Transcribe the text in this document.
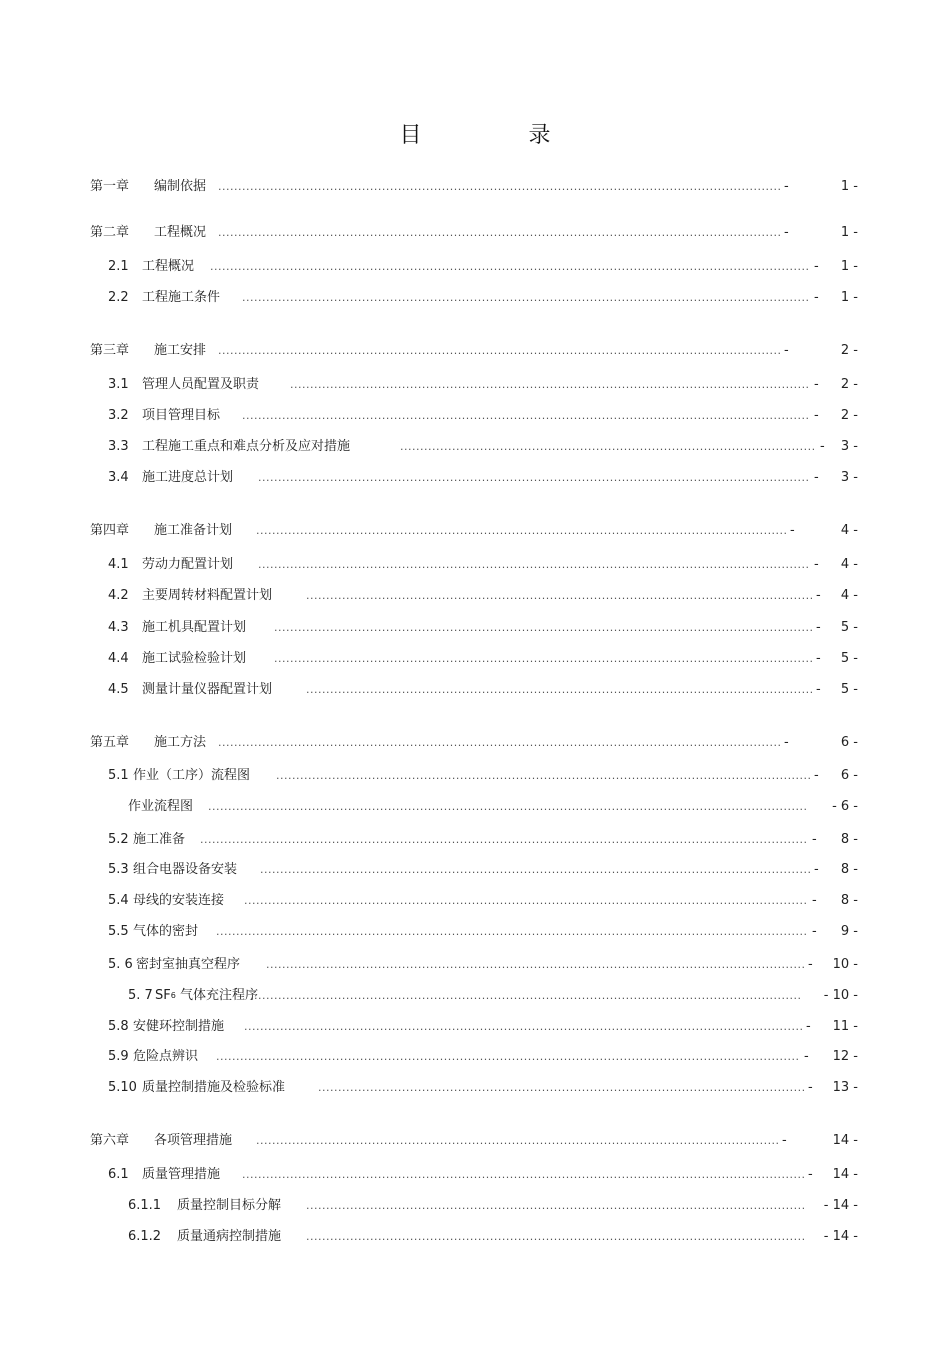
目 录
第一章 编制依据 .....	-	1 -
第二章 工程概况 .....	-	1 -
2.1 工程概况 .....	- 1 -
2.2 工程施工条件 .....	- 1 -
第三章 施工安排 .....	-	2 -
3.1 管理人员配置及职责 .....	- 2 -
3.2 项目管理目标 .....	- 2 -
3.3 工程施工重点和难点分析及应对措施 .....	- 3 -
3.4 施工进度总计划 .....	- 3 -
第四章 施工准备计划 .....	-	4 -
4.1 劳动力配置计划 .....	- 4 -
4.2 主要周转材料配置计划 .....	- 4 -
4.3 施工机具配置计划 .....	- 5 -
4.4 施工试验检验计划 .....	- 5 -
4.5 测量计量仪器配置计划 .....	- 5 -
第五章 施工方法 .....	-	6 -
5.1 作业（工序）流程图 .....	- 6 -
作业流程图 .....	- 6 -
5.2 施工准备 .....	- 8 -
5.3 组合电器设备安装 .....	- 8 -
5.4 母线的安装连接 .....	- 8 -
5.5 气体的密封 .....	- 9 -
5. 6 密封室抽真空程序 .....	- 10 -
5. 7 $SF_6$ 气体充注程序 .....	- 10 -
5.8 安健环控制措施 .....	- 11 -
5.9 危险点辨识 .....	- 12 -
5.10 质量控制措施及检验标准 .....	- 13 -
第六章 各项管理措施 .....	-	14 -
6.1 质量管理措施 .....	- 14 -
6.1.1 质量控制目标分解 .....	- 14 -
6.1.2 质量通病控制措施 .....	- 14 -
